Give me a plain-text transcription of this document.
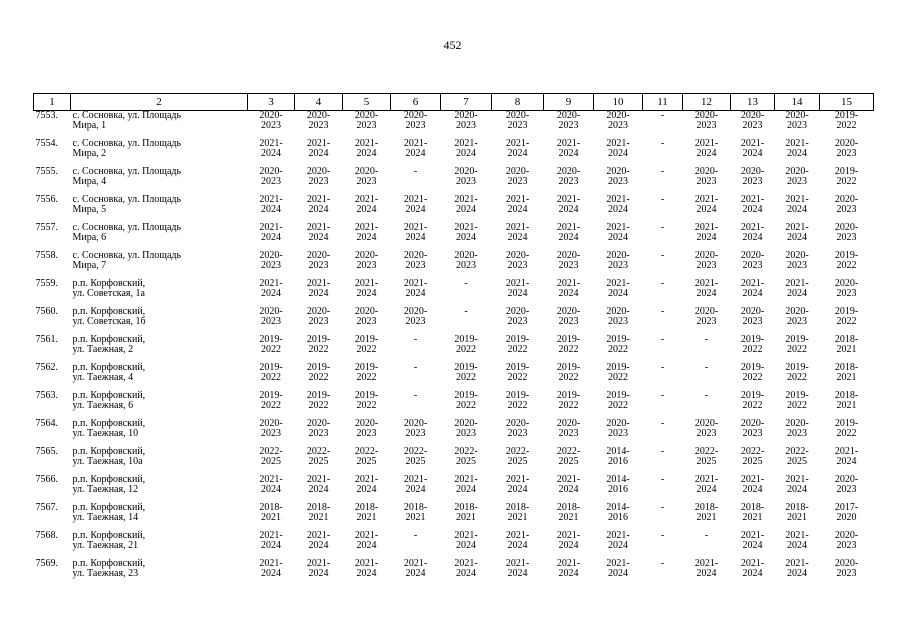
452
1	2	3	4	5	6	7	8	9	10	11	12	13	14	15
7553.	с. Сосновка, ул. Площадь
Мира, 1	2020-
2023	2020-
2023	2020-
2023	2020-
2023	2020-
2023	2020-
2023	2020-
2023	2020-
2023	-	2020-
2023	2020-
2023	2020-
2023	2019-
2022

7554.	с. Сосновка, ул. Площадь
Мира, 2	2021-
2024	2021-
2024	2021-
2024	2021-
2024	2021-
2024	2021-
2024	2021-
2024	2021-
2024	-	2021-
2024	2021-
2024	2021-
2024	2020-
2023

7555.	с. Сосновка, ул. Площадь
Мира, 4	2020-
2023	2020-
2023	2020-
2023	-	2020-
2023	2020-
2023	2020-
2023	2020-
2023	-	2020-
2023	2020-
2023	2020-
2023	2019-
2022

7556.	с. Сосновка, ул. Площадь
Мира, 5	2021-
2024	2021-
2024	2021-
2024	2021-
2024	2021-
2024	2021-
2024	2021-
2024	2021-
2024	-	2021-
2024	2021-
2024	2021-
2024	2020-
2023

7557.	с. Сосновка, ул. Площадь
Мира, 6	2021-
2024	2021-
2024	2021-
2024	2021-
2024	2021-
2024	2021-
2024	2021-
2024	2021-
2024	-	2021-
2024	2021-
2024	2021-
2024	2020-
2023

7558.	с. Сосновка, ул. Площадь
Мира, 7	2020-
2023	2020-
2023	2020-
2023	2020-
2023	2020-
2023	2020-
2023	2020-
2023	2020-
2023	-	2020-
2023	2020-
2023	2020-
2023	2019-
2022

7559.	р.п. Корфовский,
ул. Советская, 1а	2021-
2024	2021-
2024	2021-
2024	2021-
2024	-	2021-
2024	2021-
2024	2021-
2024	-	2021-
2024	2021-
2024	2021-
2024	2020-
2023

7560.	р.п. Корфовский,
ул. Советская, 1б	2020-
2023	2020-
2023	2020-
2023	2020-
2023	-	2020-
2023	2020-
2023	2020-
2023	-	2020-
2023	2020-
2023	2020-
2023	2019-
2022

7561.	р.п. Корфовский,
ул. Таежная, 2	2019-
2022	2019-
2022	2019-
2022	-	2019-
2022	2019-
2022	2019-
2022	2019-
2022	-	-	2019-
2022	2019-
2022	2018-
2021

7562.	р.п. Корфовский,
ул. Таежная, 4	2019-
2022	2019-
2022	2019-
2022	-	2019-
2022	2019-
2022	2019-
2022	2019-
2022	-	-	2019-
2022	2019-
2022	2018-
2021

7563.	р.п. Корфовский,
ул. Таежная, 6	2019-
2022	2019-
2022	2019-
2022	-	2019-
2022	2019-
2022	2019-
2022	2019-
2022	-	-	2019-
2022	2019-
2022	2018-
2021

7564.	р.п. Корфовский,
ул. Таежная, 10	2020-
2023	2020-
2023	2020-
2023	2020-
2023	2020-
2023	2020-
2023	2020-
2023	2020-
2023	-	2020-
2023	2020-
2023	2020-
2023	2019-
2022

7565.	р.п. Корфовский,
ул. Таежная, 10а	2022-
2025	2022-
2025	2022-
2025	2022-
2025	2022-
2025	2022-
2025	2022-
2025	2014-
2016	-	2022-
2025	2022-
2025	2022-
2025	2021-
2024

7566.	р.п. Корфовский,
ул. Таежная, 12	2021-
2024	2021-
2024	2021-
2024	2021-
2024	2021-
2024	2021-
2024	2021-
2024	2014-
2016	-	2021-
2024	2021-
2024	2021-
2024	2020-
2023

7567.	р.п. Корфовский,
ул. Таежная, 14	2018-
2021	2018-
2021	2018-
2021	2018-
2021	2018-
2021	2018-
2021	2018-
2021	2014-
2016	-	2018-
2021	2018-
2021	2018-
2021	2017-
2020

7568.	р.п. Корфовский,
ул. Таежная, 21	2021-
2024	2021-
2024	2021-
2024	-	2021-
2024	2021-
2024	2021-
2024	2021-
2024	-	-	2021-
2024	2021-
2024	2020-
2023

7569.	р.п. Корфовский,
ул. Таежная, 23	2021-
2024	2021-
2024	2021-
2024	2021-
2024	2021-
2024	2021-
2024	2021-
2024	2021-
2024	-	2021-
2024	2021-
2024	2021-
2024	2020-
2023
